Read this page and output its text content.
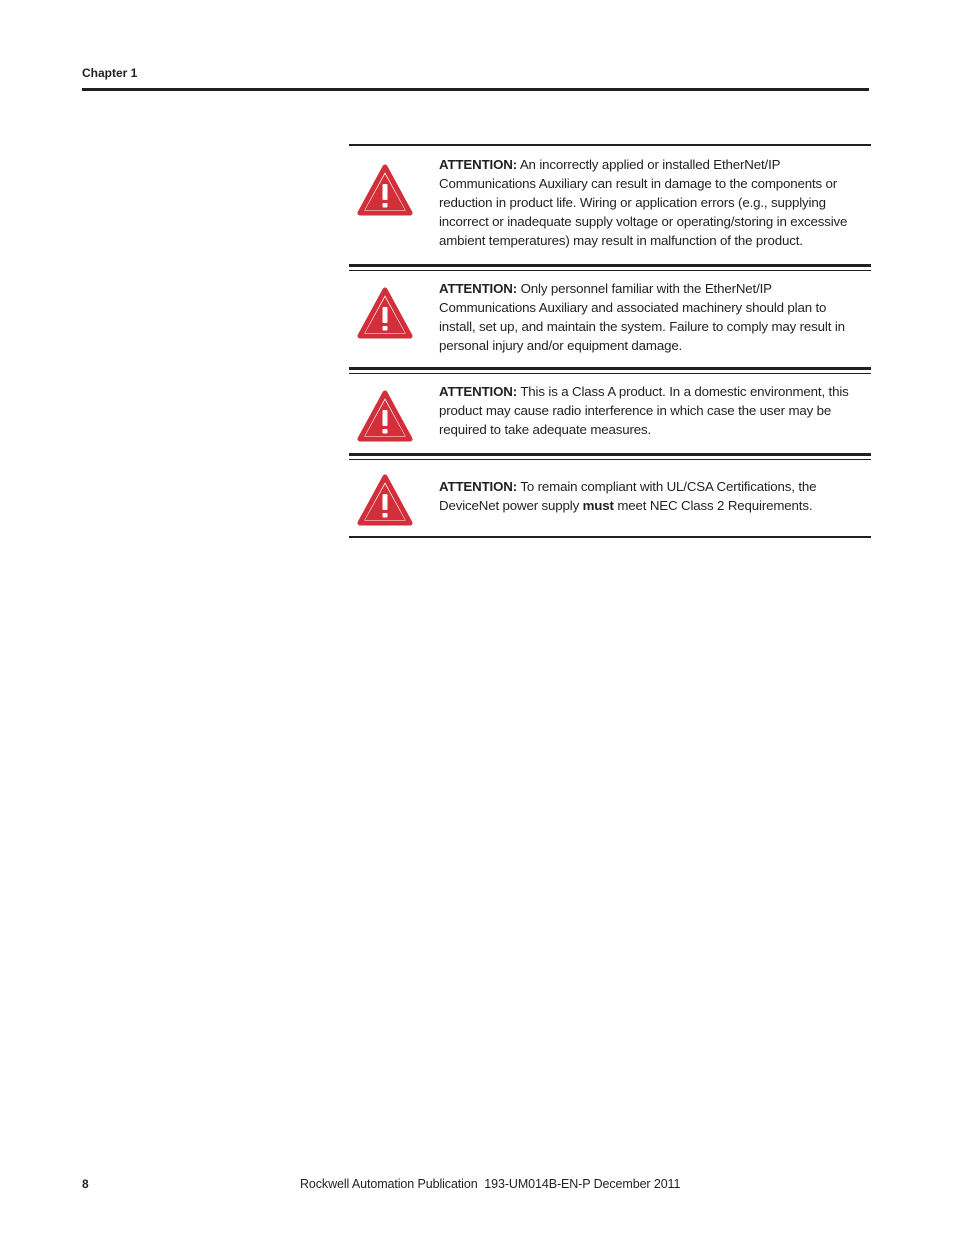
Chapter 1
ATTENTION: An incorrectly applied or installed EtherNet/IP Communications Auxiliary can result in damage to the components or reduction in product life. Wiring or application errors (e.g., supplying incorrect or inadequate supply voltage or operating/storing in excessive ambient temperatures) may result in malfunction of the product.
ATTENTION: Only personnel familiar with the EtherNet/IP Communications Auxiliary and associated machinery should plan to install, set up, and maintain the system. Failure to comply may result in personal injury and/or equipment damage.
ATTENTION: This is a Class A product. In a domestic environment, this product may cause radio interference in which case the user may be required to take adequate measures.
ATTENTION: To remain compliant with UL/CSA Certifications, the DeviceNet power supply must meet NEC Class 2 Requirements.
8	Rockwell Automation Publication  193-UM014B-EN-P December 2011
